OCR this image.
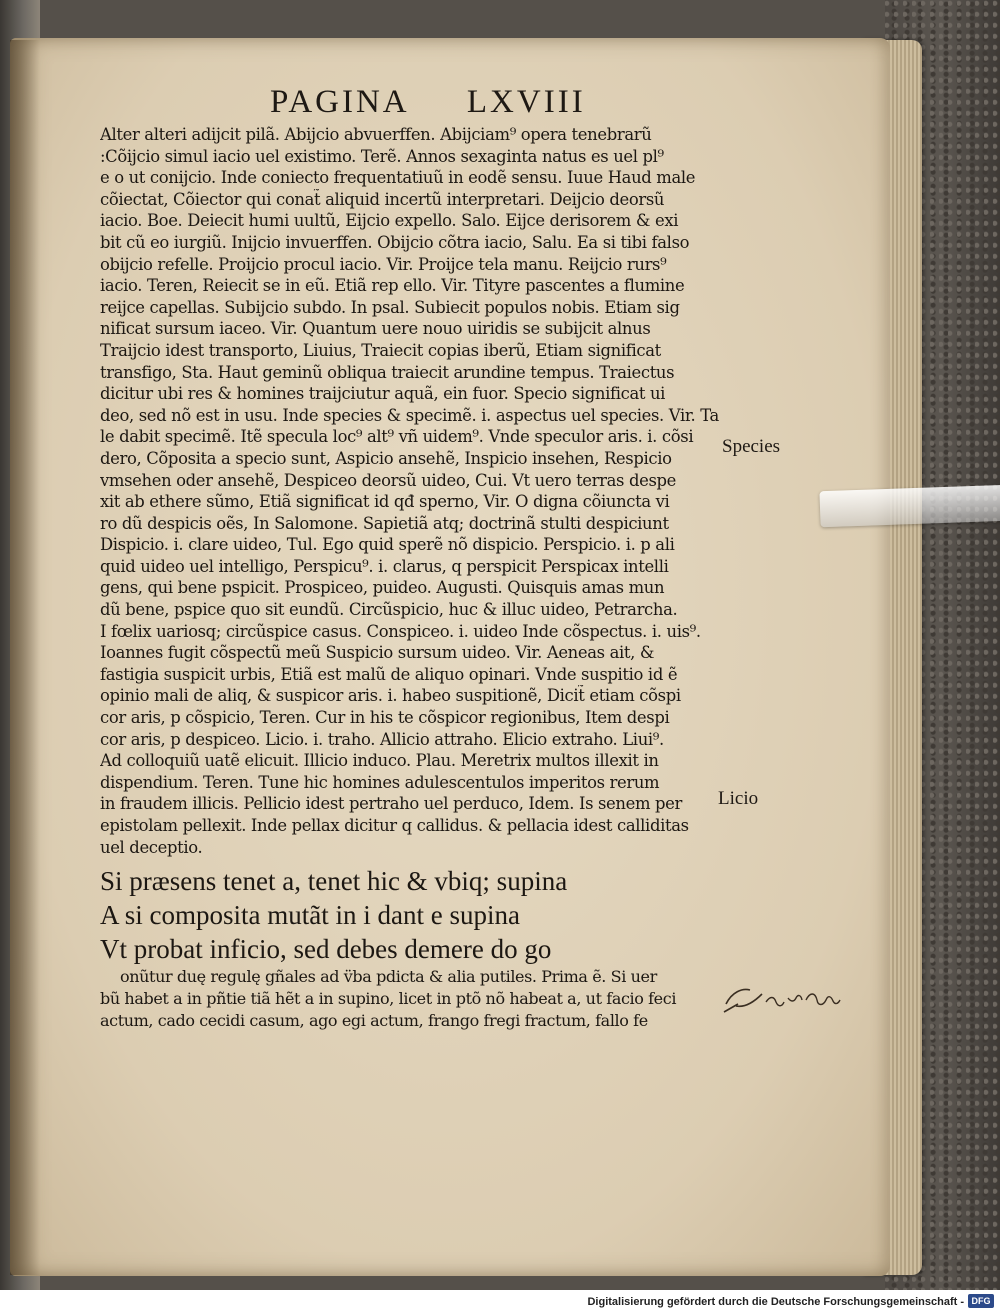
PAGINA LXVIII
Alter alteri adijcit pilã. Abijcio abvuerffen. Abijciam⁹ opera tenebrarũ
:Cõijcio simul iacio uel existimo. Terẽ. Annos sexaginta natus es uel pl⁹
e o ut conijcio. Inde coniecto frequentatiuũ in eodẽ sensu. Iuue Haud male
cõiectat, Cõiector qui conat̃ aliquid incertũ interpretari. Deijcio deorsũ
iacio. Boe. Deiecit humi uultũ, Eijcio expello. Salo. Eijce derisorem & exi
bit cũ eo iurgiũ. Inijcio invuerffen. Obijcio cõtra iacio, Salu. Ea si tibi falso
obijcio refelle. Proijcio procul iacio. Vir. Proijce tela manu. Reijcio rurs⁹
iacio. Teren, Reiecit se in eũ. Etiã rep ello. Vir. Tityre pascentes a flumine
reijce capellas. Subijcio subdo. In psal. Subiecit populos nobis. Etiam sig
nificat sursum iaceo. Vir. Quantum uere nouo uiridis se subijcit alnus
Traijcio idest transporto, Liuius, Traiecit copias iberũ, Etiam significat
transfigo, Sta. Haut geminũ obliqua traiecit arundine tempus. Traiectus
dicitur ubi res & homines traijciutur aquã, ein fuor. Specio significat ui
deo, sed nõ est in usu. Inde species & specimẽ. i. aspectus uel species. Vir. Ta
le dabit specimẽ. Itẽ specula loc⁹ alt⁹ vñ uidem⁹. Vnde speculor aris. i. cõsi
dero, Cõposita a specio sunt, Aspicio ansehẽ, Inspicio insehen, Respicio
vmsehen oder ansehẽ, Despiceo deorsũ uideo, Cui. Vt uero terras despe
xit ab ethere sũmo, Etiã significat id qđ sperno, Vir. O digna cõiuncta vi
ro dũ despicis oẽs, In Salomone. Sapietiã atq; doctrinã stulti despiciunt
Dispicio. i. clare uideo, Tul. Ego quid sperẽ nõ dispicio. Perspicio. i. p ali
quid uideo uel intelligo, Perspicu⁹. i. clarus, q perspicit Perspicax intelli
gens, qui bene pspicit. Prospiceo, puideo. Augusti. Quisquis amas mun
dũ bene, pspice quo sit eundũ. Circũspicio, huc & illuc uideo, Petrarcha.
I fœlix uariosq; circũspice casus. Conspiceo. i. uideo Inde cõspectus. i. uis⁹.
Ioannes fugit cõspectũ meũ Suspicio sursum uideo. Vir. Aeneas ait, &
fastigia suspicit urbis, Etiã est malũ de aliquo opinari. Vnde suspitio id ẽ
opinio mali de aliq, & suspicor aris. i. habeo suspitionẽ, Dicit̃ etiam cõspi
cor aris, p cõspicio, Teren. Cur in his te cõspicor regionibus, Item despi
cor aris, p despiceo. Licio. i. traho. Allicio attraho. Elicio extraho. Liui⁹.
Ad colloquiũ uatẽ elicuit. Illicio induco. Plau. Meretrix multos illexit in
dispendium. Teren. Tune hic homines adulescentulos imperitos rerum
in fraudem illicis. Pellicio idest pertraho uel perduco, Idem. Is senem per
epistolam pellexit. Inde pellax dicitur q callidus. & pellacia idest calliditas
uel deceptio.
Si præsens tenet a, tenet hic & vbiq; supina
A si composita mutãt in i dant e supina
Vt probat inficio, sed debes demere do go
onũtur duę regulę gñales ad v̈ba pdicta & alia putiles. Prima ẽ. Si uer
bũ habet a in pñtie tiã hẽt a in supino, licet in ptõ nõ habeat a, ut facio feci
actum, cado cecidi casum, ago egi actum, frango fregi fractum, fallo fe
Species
Licio
Digitalisierung gefördert durch die Deutsche Forschungsgemeinschaft - DFG
